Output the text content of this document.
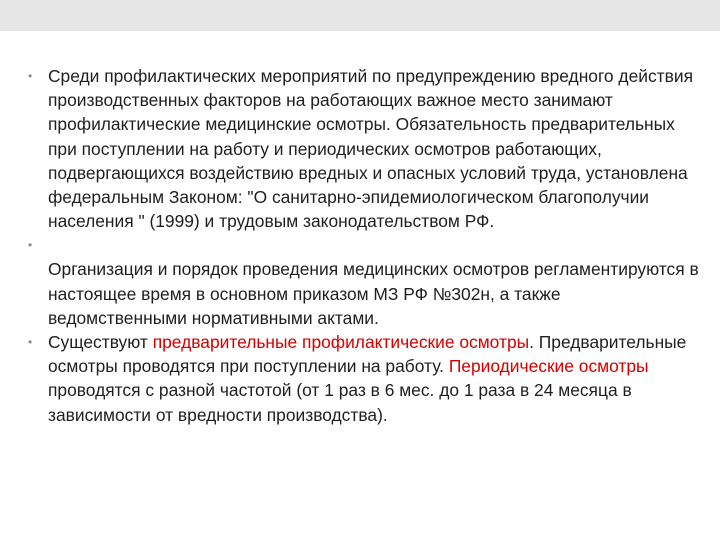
• Среди профилактических мероприятий по предупреждению вредного действия производственных факторов на работающих важное место занимают профилактические медицинские осмотры. Обязательность предварительных при поступлении на работу и периодических осмотров работающих, подвергающихся воздействию вредных и опасных условий труда, установлена федеральным Законом: "О санитарно-эпидемиологическом благополучии населения " (1999) и трудовым законодательством РФ.
•
Организация и порядок проведения медицинских осмотров регламентируются в настоящее время в основном приказом МЗ РФ №302н, а также ведомственными нормативными актами.
• Существуют предварительные профилактические осмотры. Предварительные осмотры проводятся при поступлении на работу. Периодические осмотры проводятся с разной частотой (от 1 раз в 6 мес. до 1 раза в 24 месяца в зависимости от вредности производства).
